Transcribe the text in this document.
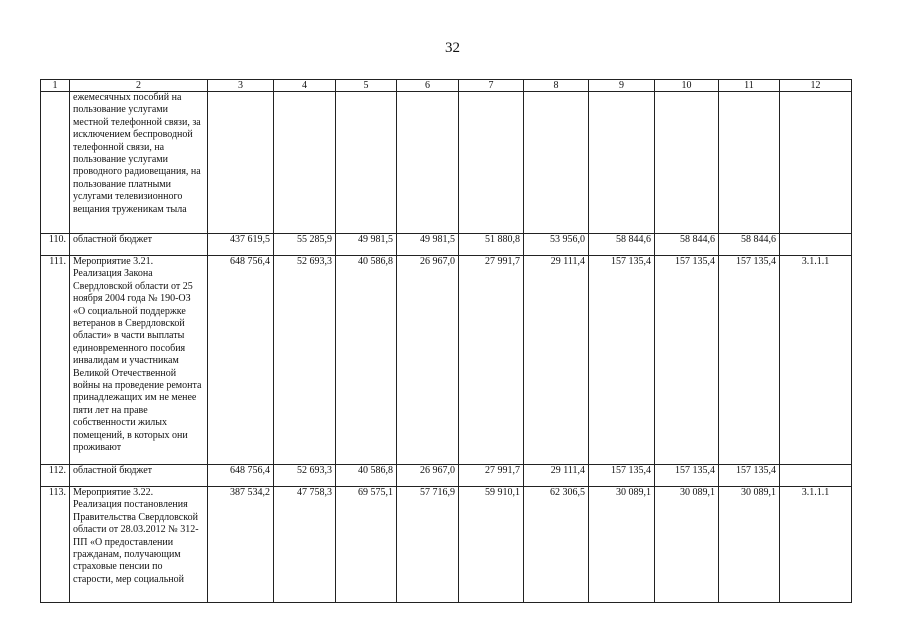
32
1	2	3	4	5	6	7	8	9	10	11	12
	ежемесячных пособий на пользование услугами местной телефонной связи, за исключением беспроводной телефонной связи, на пользование услугами проводного радиовещания, на пользование платными услугами телевизионного вещания труженикам тыла										
110.	областной бюджет	437 619,5	55 285,9	49 981,5	49 981,5	51 880,8	53 956,0	58 844,6	58 844,6	58 844,6	
111.	Мероприятие 3.21. Реализация Закона Свердловской области от 25 ноября 2004 года № 190-ОЗ «О социальной поддержке ветеранов в Свердловской области» в части выплаты единовременного пособия инвалидам и участникам Великой Отечественной войны на проведение ремонта принадлежащих им не менее пяти лет на праве собственности жилых помещений, в которых они проживают	648 756,4	52 693,3	40 586,8	26 967,0	27 991,7	29 111,4	157 135,4	157 135,4	157 135,4	3.1.1.1
112.	областной бюджет	648 756,4	52 693,3	40 586,8	26 967,0	27 991,7	29 111,4	157 135,4	157 135,4	157 135,4	
113.	Мероприятие 3.22. Реализация постановления Правительства Свердловской области от 28.03.2012 № 312-ПП «О предоставлении гражданам, получающим страховые пенсии по старости, мер социальной	387 534,2	47 758,3	69 575,1	57 716,9	59 910,1	62 306,5	30 089,1	30 089,1	30 089,1	3.1.1.1
